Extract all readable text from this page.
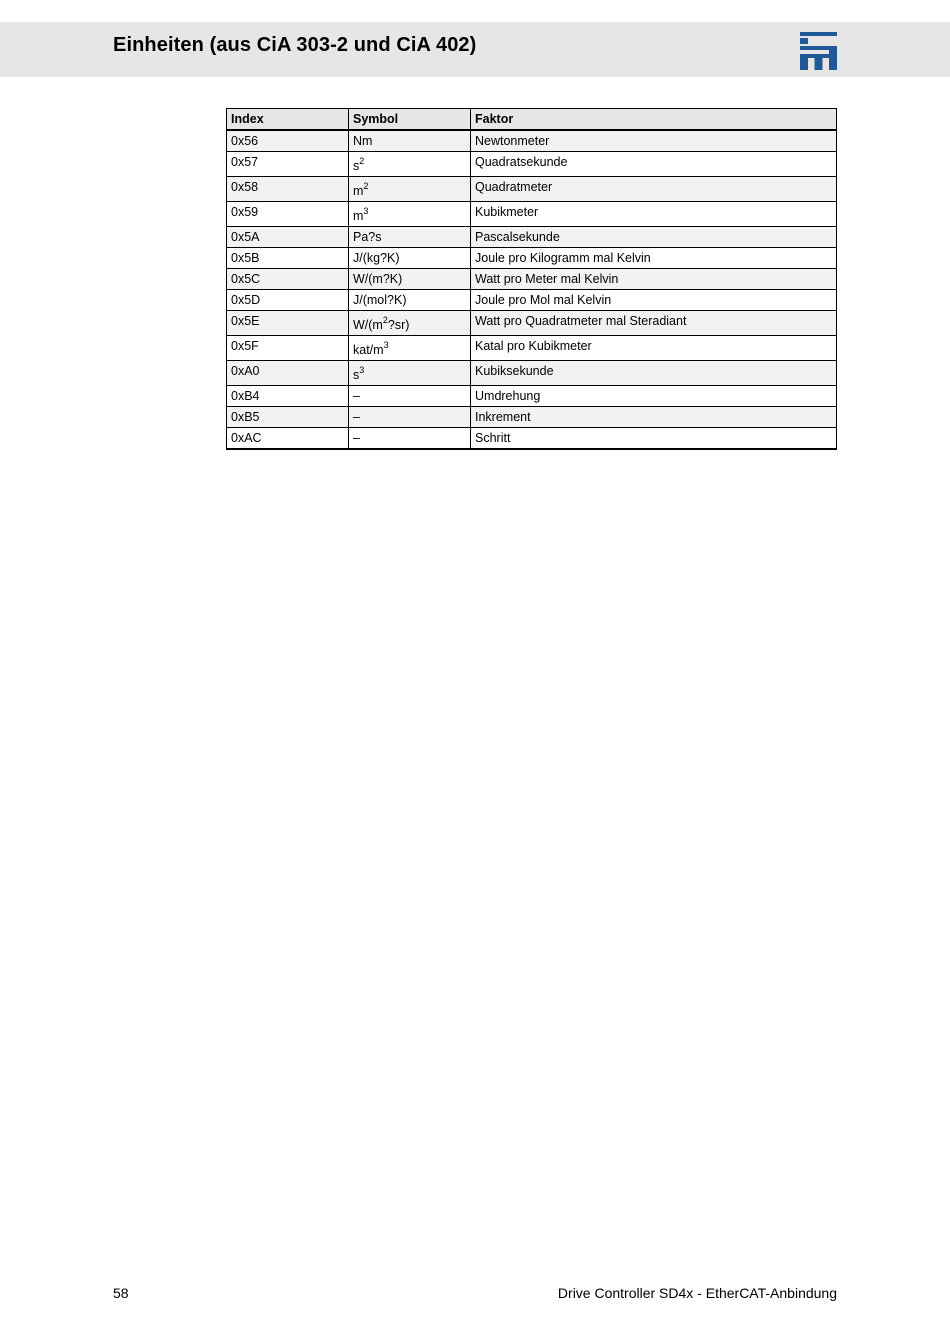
Einheiten (aus CiA 303-2 und CiA 402)
Index	Symbol	Faktor
0x56	Nm	Newtonmeter
0x57	$s^2$	Quadratsekunde
0x58	$m^2$	Quadratmeter
0x59	$m^3$	Kubikmeter
0x5A	Pa?s	Pascalsekunde
0x5B	J/(kg?K)	Joule pro Kilogramm mal Kelvin
0x5C	W/(m?K)	Watt pro Meter mal Kelvin
0x5D	J/(mol?K)	Joule pro Mol mal Kelvin
0x5E	$W/(m^2?sr)$	Watt pro Quadratmeter mal Steradiant
0x5F	kat/$m^3$	Katal pro Kubikmeter
0xA0	$s^3$	Kubiksekunde
0xB4	–	Umdrehung
0xB5	–	Inkrement
0xAC	–	Schritt
58	Drive Controller SD4x - EtherCAT-Anbindung
